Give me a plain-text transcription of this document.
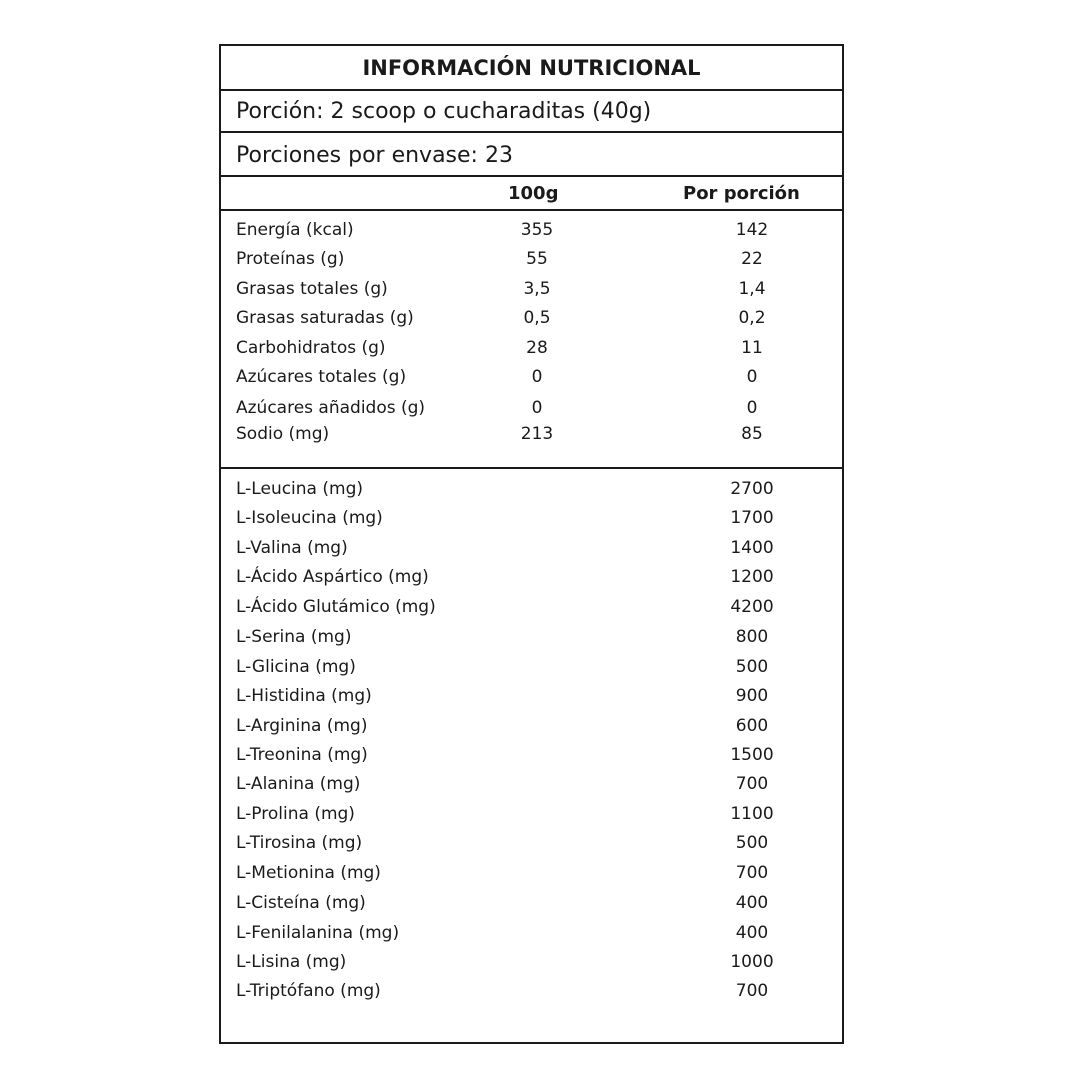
INFORMACIÓN NUTRICIONAL
Porción: 2 scoop o cucharaditas (40g)
Porciones por envase: 23
100g	Por porción
Energía (kcal)	355	142
Proteínas (g)	55	22
Grasas totales (g)	3,5	1,4
Grasas saturadas (g)	0,5	0,2
Carbohidratos (g)	28	11
Azúcares totales (g)	0	0
Azúcares añadidos (g)	0	0
Sodio (mg)	213	85
L-Leucina (mg)	2700
L-Isoleucina (mg)	1700
L-Valina (mg)	1400
L-Ácido Aspártico (mg)	1200
L-Ácido Glutámico (mg)	4200
L-Serina (mg)	800
L-Glicina (mg)	500
L-Histidina (mg)	900
L-Arginina (mg)	600
L-Treonina (mg)	1500
L-Alanina (mg)	700
L-Prolina (mg)	1100
L-Tirosina (mg)	500
L-Metionina (mg)	700
L-Cisteína (mg)	400
L-Fenilalanina (mg)	400
L-Lisina (mg)	1000
L-Triptófano (mg)	700
